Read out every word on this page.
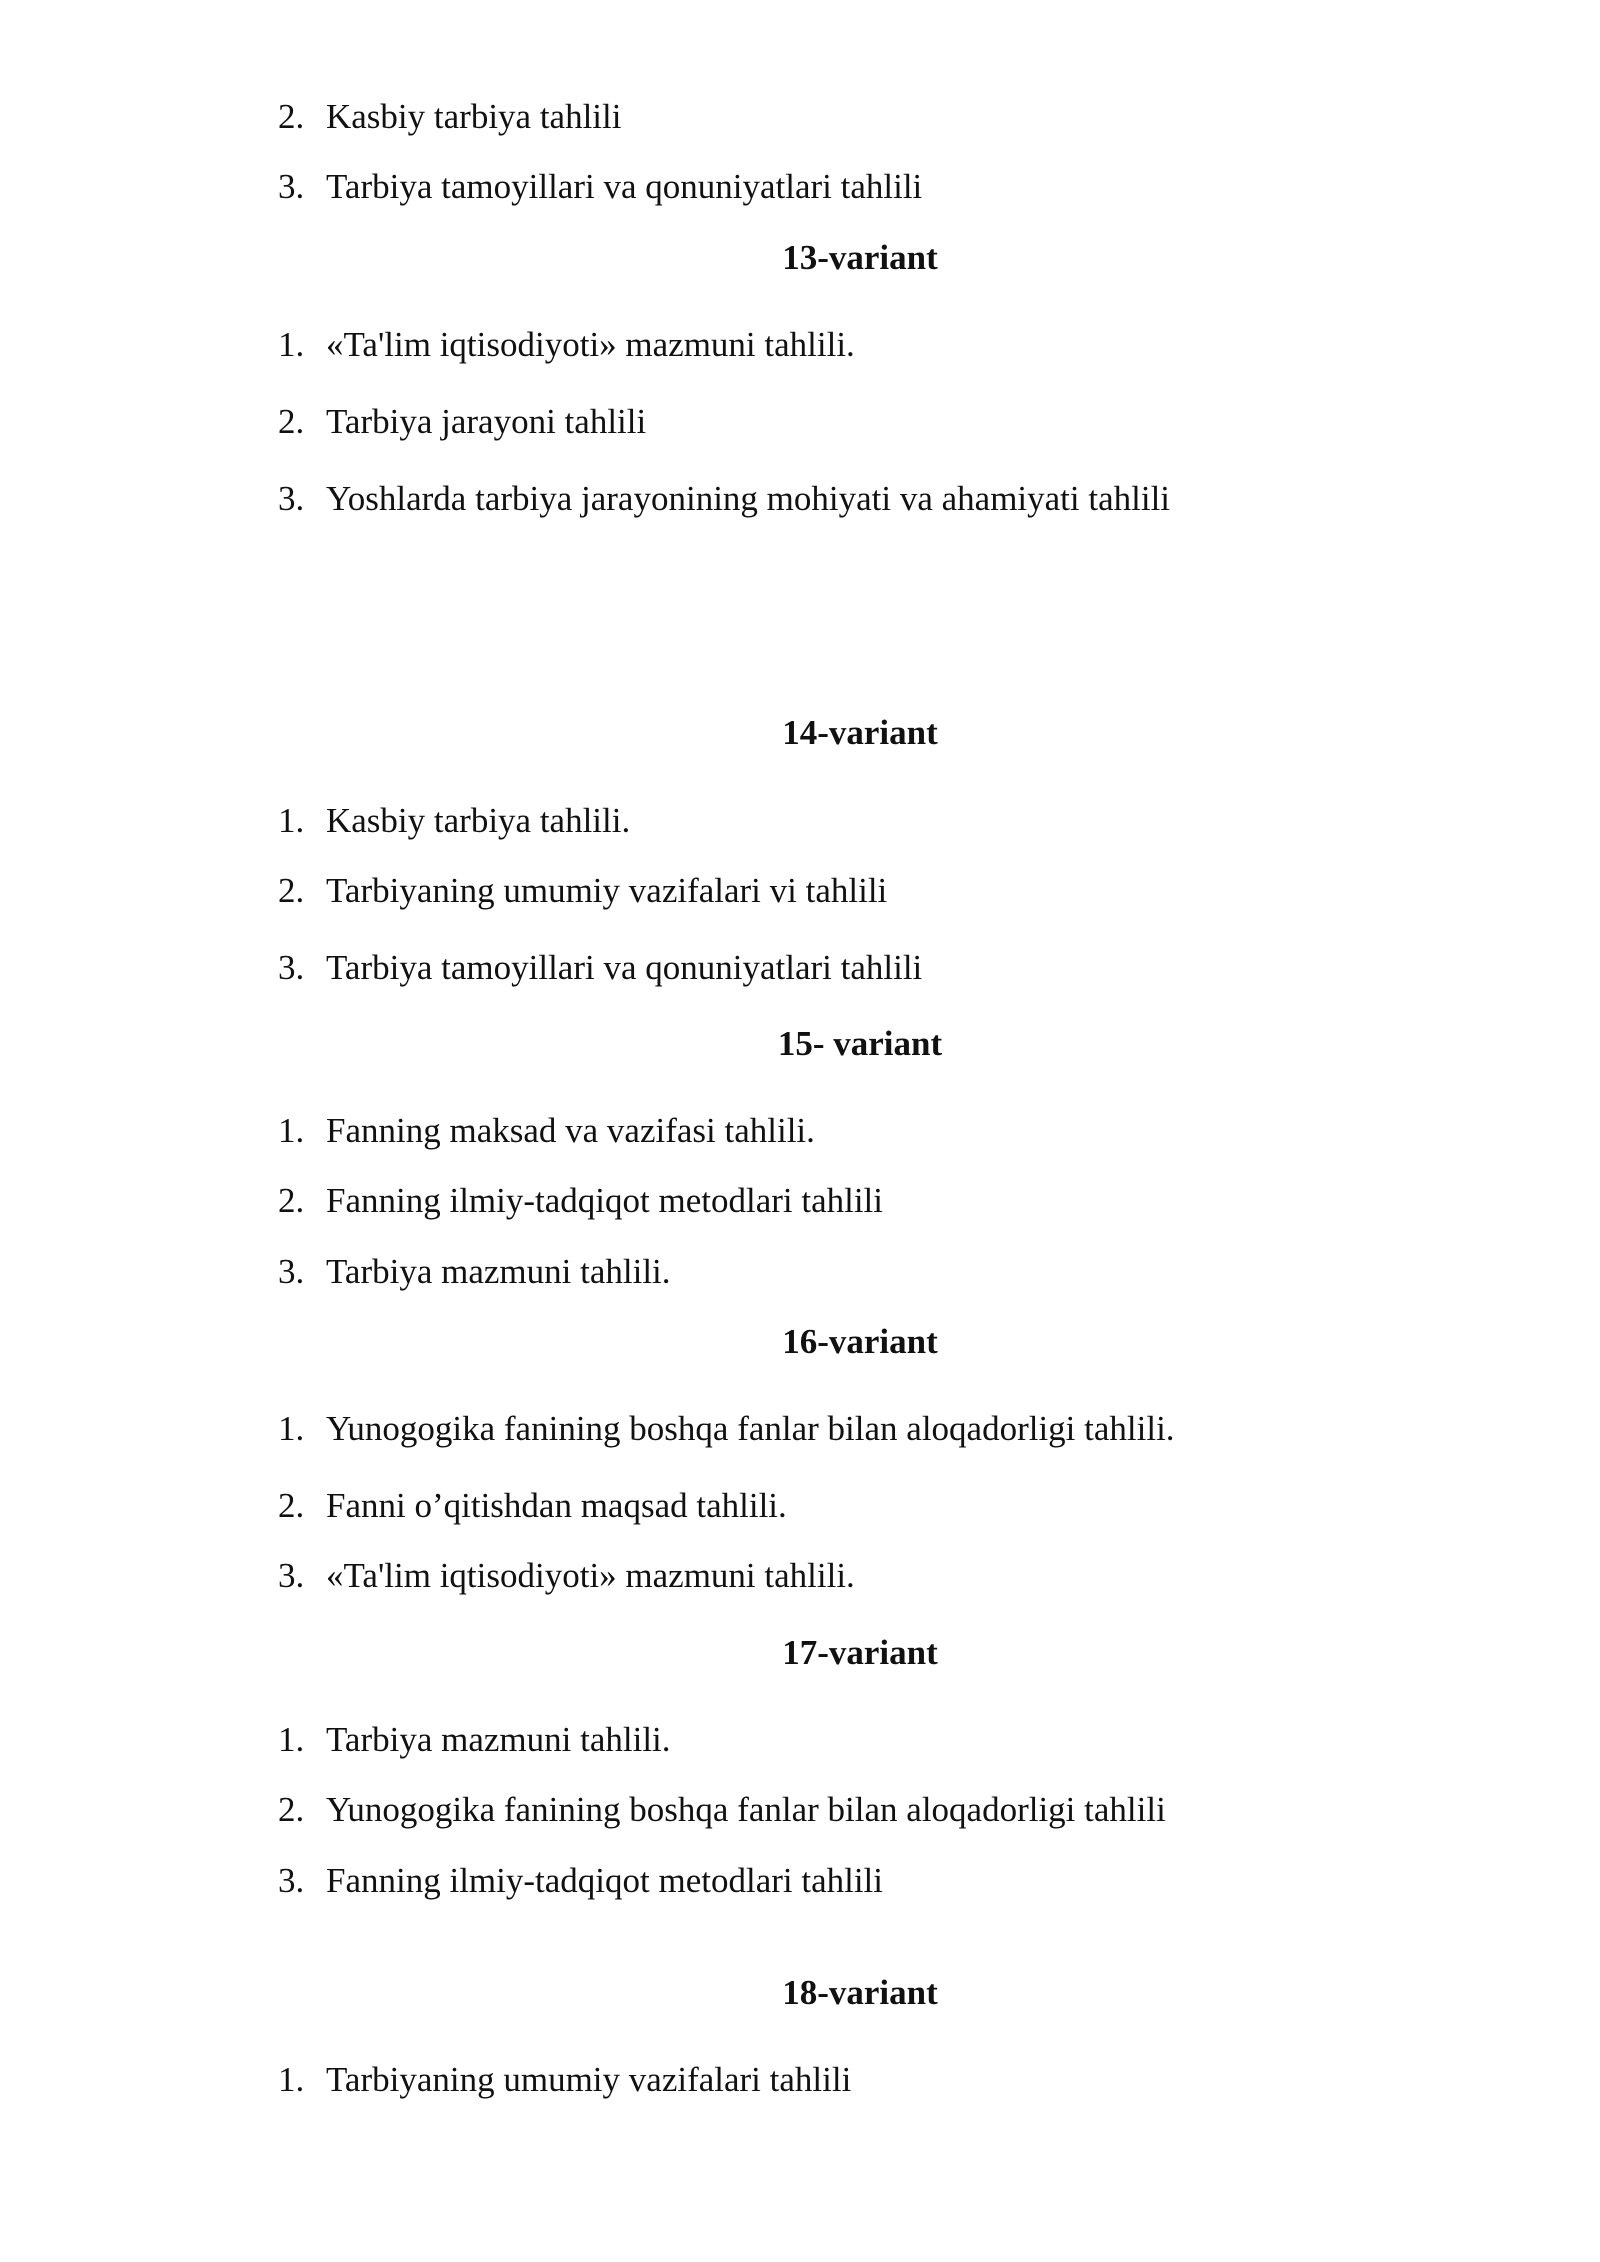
2. Kasbiy tarbiya tahlili
3. Tarbiya tamoyillari va qonuniyatlari tahlili
13-variant
1. «Ta'lim iqtisodiyoti» mazmuni tahlili.
2. Tarbiya jarayoni tahlili
3. Yoshlarda tarbiya jarayonining mohiyati va ahamiyati tahlili
14-variant
1. Kasbiy tarbiya tahlili.
2. Tarbiyaning umumiy vazifalari vi tahlili
3. Tarbiya tamoyillari va qonuniyatlari tahlili
15- variant
1. Fanning maksad va vazifasi tahlili.
2. Fanning ilmiy-tadqiqot metodlari tahlili
3. Tarbiya mazmuni tahlili.
16-variant
1. Yunogogika fanining boshqa fanlar bilan aloqadorligi tahlili.
2. Fanni o’qitishdan maqsad tahlili.
3. «Ta'lim iqtisodiyoti» mazmuni tahlili.
17-variant
1. Tarbiya mazmuni tahlili.
2. Yunogogika fanining boshqa fanlar bilan aloqadorligi tahlili
3. Fanning ilmiy-tadqiqot metodlari tahlili
18-variant
1. Tarbiyaning umumiy vazifalari tahlili
